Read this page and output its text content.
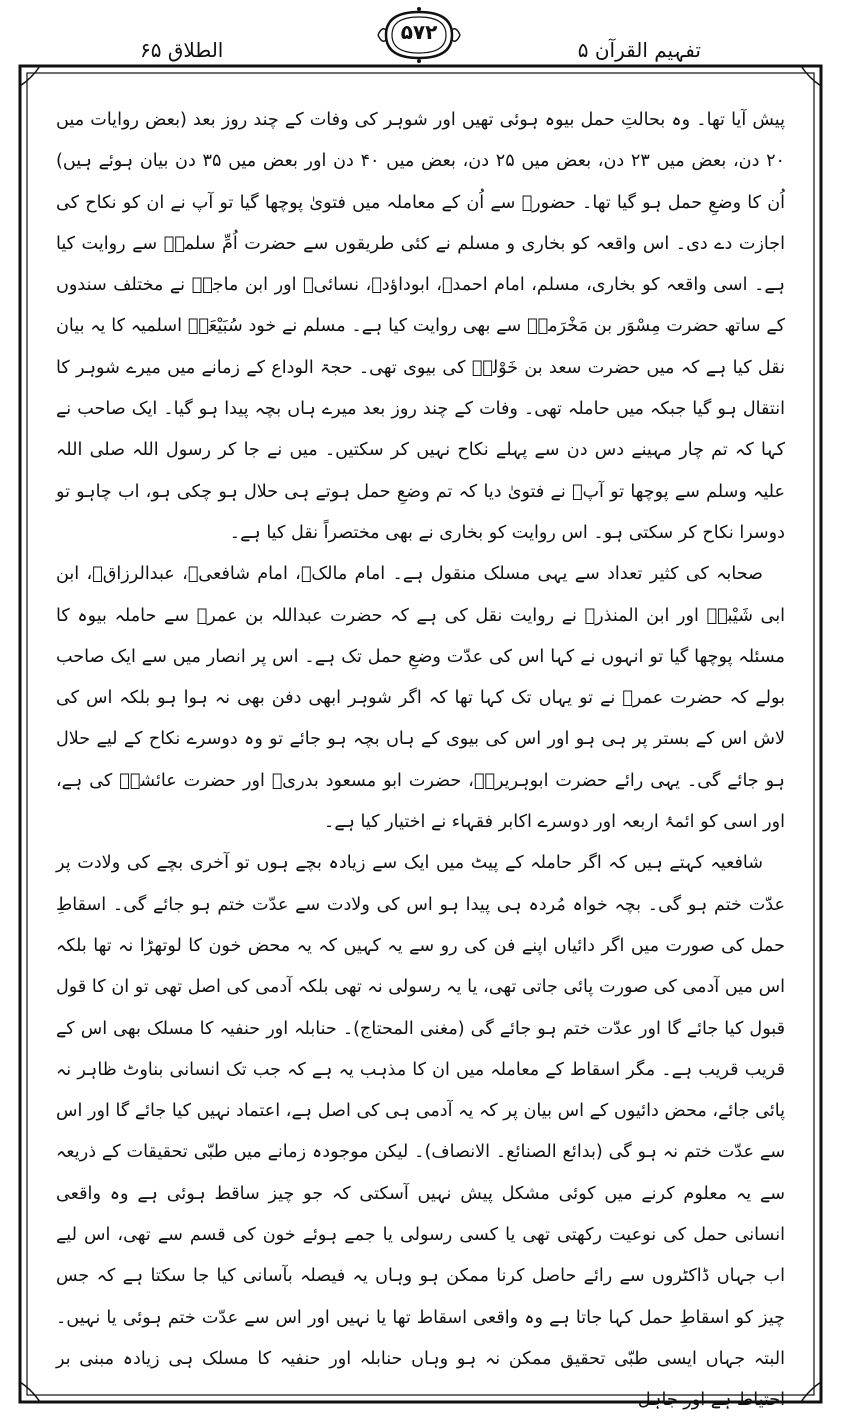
تفہیم القرآن ۵
۵۷۲
الطلاق ۶۵

پیش آیا تھا۔ وہ بحالتِ حمل بیوہ ہوئی تھیں اور شوہر کی وفات کے چند روز بعد (بعض روایات میں ۲۰ دن، بعض میں ۲۳ دن، بعض میں ۲۵ دن، بعض میں ۴۰ دن اور بعض میں ۳۵ دن بیان ہوئے ہیں) اُن کا وضعِ حمل ہو گیا تھا۔ حضورؐ سے اُن کے معاملہ میں فتویٰ پوچھا گیا تو آپ نے ان کو نکاح کی اجازت دے دی۔ اس واقعہ کو بخاری و مسلم نے کئی طریقوں سے حضرت اُمِّ سلمہؓ سے روایت کیا ہے۔ اسی واقعہ کو بخاری، مسلم، امام احمدؒ، ابوداؤدؒ، نسائیؒ اور ابن ماجہؒ نے مختلف سندوں کے ساتھ حضرت مِسْوَر بن مَخْرَمہؓ سے بھی روایت کیا ہے۔ مسلم نے خود سُبَیْعَہؓ اسلمیہ کا یہ بیان نقل کیا ہے کہ میں حضرت سعد بن خَوْلہؓ کی بیوی تھی۔ حجۃ الوداع کے زمانے میں میرے شوہر کا انتقال ہو گیا جبکہ میں حاملہ تھی۔ وفات کے چند روز بعد میرے ہاں بچہ پیدا ہو گیا۔ ایک صاحب نے کہا کہ تم چار مہینے دس دن سے پہلے نکاح نہیں کر سکتیں۔ میں نے جا کر رسول اللہ صلی اللہ علیہ وسلم سے پوچھا تو آپؐ نے فتویٰ دیا کہ تم وضعِ حمل ہوتے ہی حلال ہو چکی ہو، اب چاہو تو دوسرا نکاح کر سکتی ہو۔ اس روایت کو بخاری نے بھی مختصراً نقل کیا ہے۔

صحابہ کی کثیر تعداد سے یہی مسلک منقول ہے۔ امام مالکؒ، امام شافعیؒ، عبدالرزاقؒ، ابن ابی شَیْبہؒ اور ابن المنذرؒ نے روایت نقل کی ہے کہ حضرت عبداللہ بن عمرؓ سے حاملہ بیوہ کا مسئلہ پوچھا گیا تو انہوں نے کہا اس کی عدّت وضعِ حمل تک ہے۔ اس پر انصار میں سے ایک صاحب بولے کہ حضرت عمرؓ نے تو یہاں تک کہا تھا کہ اگر شوہر ابھی دفن بھی نہ ہوا ہو بلکہ اس کی لاش اس کے بستر پر ہی ہو اور اس کی بیوی کے ہاں بچہ ہو جائے تو وہ دوسرے نکاح کے لیے حلال ہو جائے گی۔ یہی رائے حضرت ابوہریرہؓ، حضرت ابو مسعود بدریؓ اور حضرت عائشہؓ کی ہے، اور اسی کو ائمۂ اربعہ اور دوسرے اکابر فقہاء نے اختیار کیا ہے۔

شافعیہ کہتے ہیں کہ اگر حاملہ کے پیٹ میں ایک سے زیادہ بچے ہوں تو آخری بچے کی ولادت پر عدّت ختم ہو گی۔ بچہ خواہ مُردہ ہی پیدا ہو اس کی ولادت سے عدّت ختم ہو جائے گی۔ اسقاطِ حمل کی صورت میں اگر دائیاں اپنے فن کی رو سے یہ کہیں کہ یہ محض خون کا لوتھڑا نہ تھا بلکہ اس میں آدمی کی صورت پائی جاتی تھی، یا یہ رسولی نہ تھی بلکہ آدمی کی اصل تھی تو ان کا قول قبول کیا جائے گا اور عدّت ختم ہو جائے گی (مغنی المحتاج)۔ حنابلہ اور حنفیہ کا مسلک بھی اس کے قریب قریب ہے۔ مگر اسقاط کے معاملہ میں ان کا مذہب یہ ہے کہ جب تک انسانی بناوٹ ظاہر نہ پائی جائے، محض دائیوں کے اس بیان پر کہ یہ آدمی ہی کی اصل ہے، اعتماد نہیں کیا جائے گا اور اس سے عدّت ختم نہ ہو گی (بدائع الصنائع۔ الانصاف)۔ لیکن موجودہ زمانے میں طبّی تحقیقات کے ذریعہ سے یہ معلوم کرنے میں کوئی مشکل پیش نہیں آسکتی کہ جو چیز ساقط ہوئی ہے وہ واقعی انسانی حمل کی نوعیت رکھتی تھی یا کسی رسولی یا جمے ہوئے خون کی قسم سے تھی، اس لیے اب جہاں ڈاکٹروں سے رائے حاصل کرنا ممکن ہو وہاں یہ فیصلہ بآسانی کیا جا سکتا ہے کہ جس چیز کو اسقاطِ حمل کہا جاتا ہے وہ واقعی اسقاط تھا یا نہیں اور اس سے عدّت ختم ہوئی یا نہیں۔ البتہ جہاں ایسی طبّی تحقیق ممکن نہ ہو وہاں حنابلہ اور حنفیہ کا مسلک ہی زیادہ مبنی بر احتیاط ہے اور جاہل
